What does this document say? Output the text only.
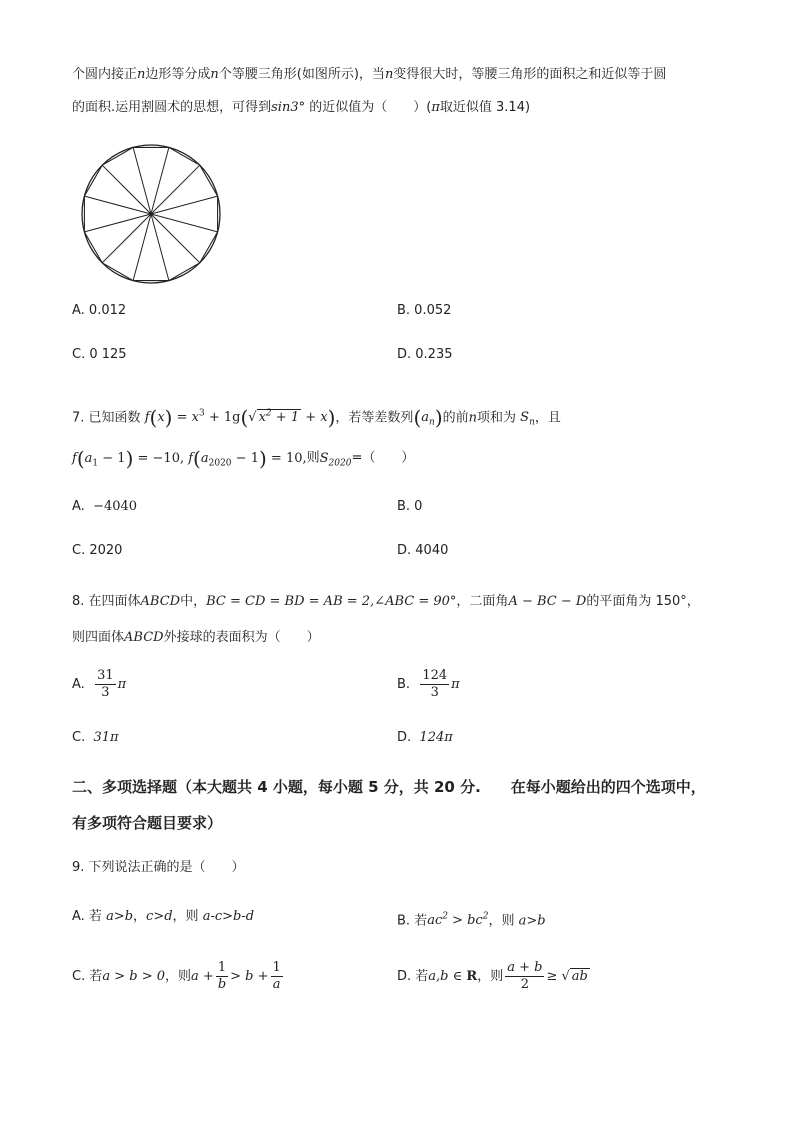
个圆内接正n边形等分成n个等腰三角形(如图所示)，当n变得很大时，等腰三角形的面积之和近似等于圆
的面积.运用割圆术的思想，可得到sin3° 的近似值为（　　）(π取近似值 3.14)
A. 0.012	B. 0.052
C. 0 125	D. 0.235
7. 已知函数 $f(x) = x^3 + 1g(√$ $x^2 + 1 + x$)，若等差数列$(a_n)$的前n项和为 $S_n$，且
$f(a_1 - 1) = -10$, $f(a_{2020} - 1) = 10$,则$S_{2020}=$（　　）
A. −4040	B. 0
C. 2020	D. 4040
8. 在四面体ABCD中，BC = CD = BD = AB = 2,∠ABC = 90°，二面角A − BC − D的平面角为 150°，
则四面体ABCD外接球的表面积为（　　）
A. $\frac{31}{3}$ π	B. $\frac{124}{3}$ π
C. 31π	D. 124π
二、多项选择题（本大题共 4 小题，每小题 5 分，共 20 分.　　在每小题给出的四个选项中，
有多项符合题目要求）
9. 下列说法正确的是（　　）
A. 若 a>b，c>d，则 a-c>b-d	B. 若$ac^2 > bc^2$，则 a>b
C. 若a > b > 0，则$a + \frac{1}{b} > b + \frac{1}{a}$	D. 若a,b ∈ R，则 $\frac{a + b}{2}$ ≥ √ ab
